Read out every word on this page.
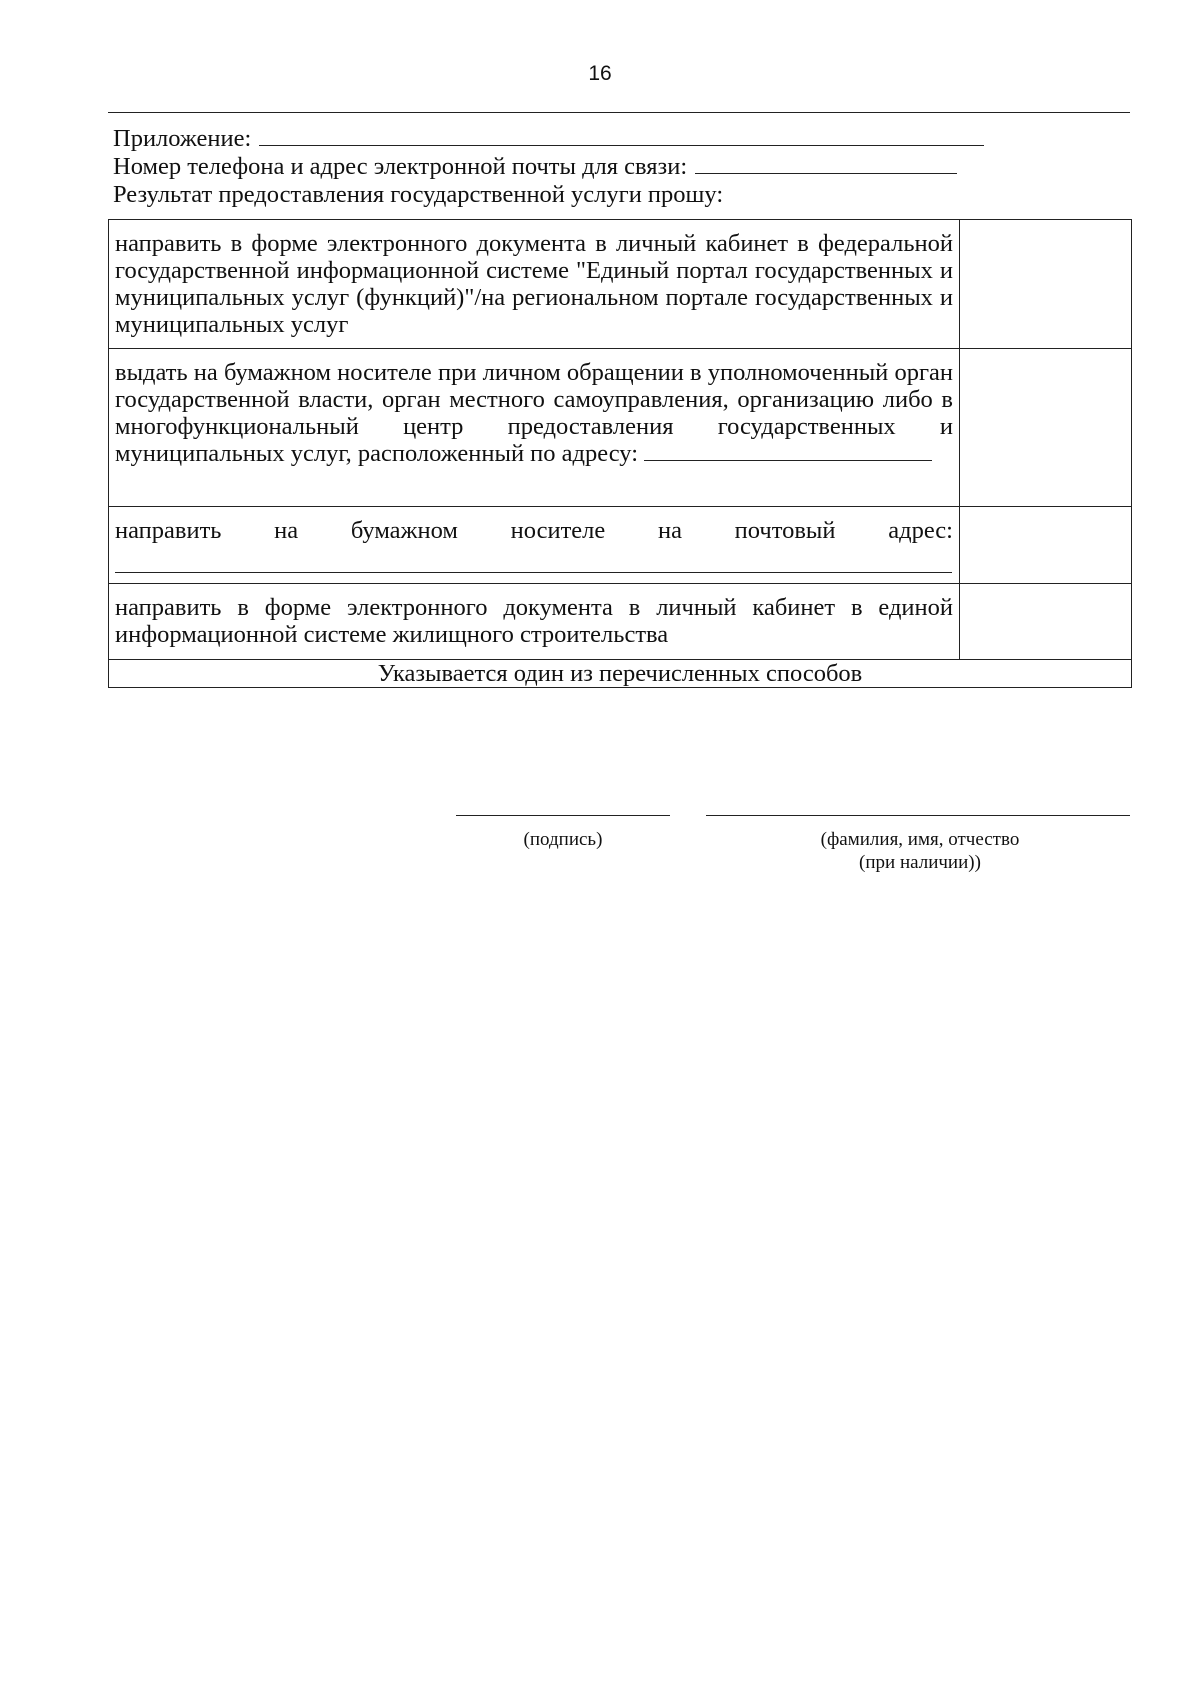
16
Приложение:
Номер телефона и адрес электронной почты для связи:
Результат предоставления государственной услуги прошу:
направить в форме электронного документа в личный кабинет в федеральной государственной информационной системе "Единый портал государственных и муниципальных услуг (функций)"/на региональном портале государственных и муниципальных услуг	

выдать на бумажном носителе при личном обращении в уполномоченный орган государственной власти, орган местного самоуправления, организацию либо в многофункциональный центр предоставления государственных и муниципальных услуг, расположенный по адресу:	

направить на бумажном носителе на почтовый адрес:	

направить в форме электронного документа в личный кабинет в единой информационной системе жилищного строительства	

Указывается один из перечисленных способов	
(подпись)	(фамилия, имя, отчество
(при наличии))
